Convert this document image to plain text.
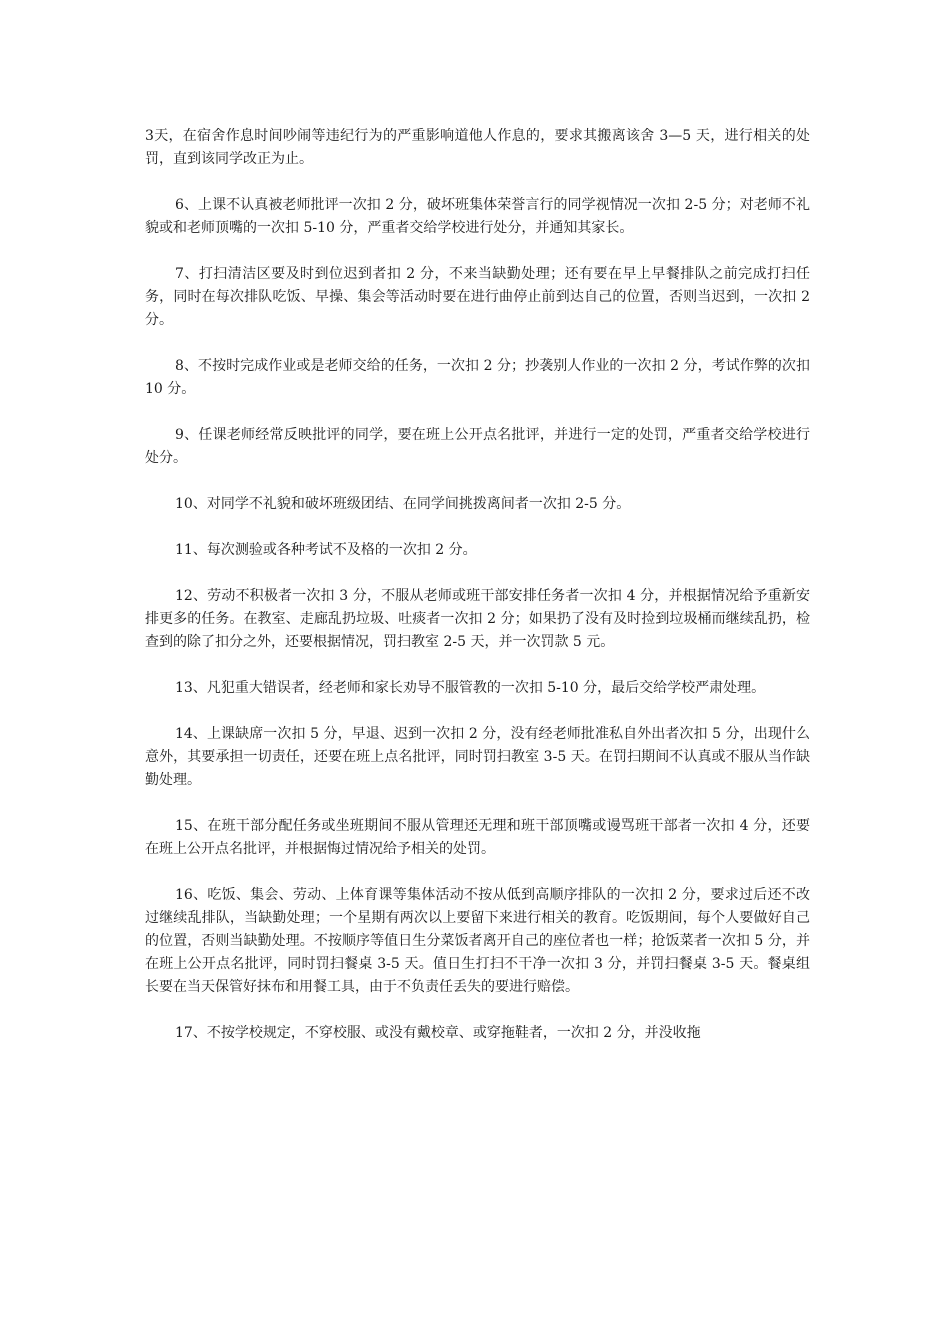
3天，在宿舍作息时间吵闹等违纪行为的严重影响道他人作息的，要求其搬离该舍 3—5 天，进行相关的处罚，直到该同学改正为止。

6、上课不认真被老师批评一次扣 2 分，破坏班集体荣誉言行的同学视情况一次扣 2-5 分；对老师不礼貌或和老师顶嘴的一次扣 5-10 分，严重者交给学校进行处分，并通知其家长。

7、打扫清洁区要及时到位迟到者扣 2 分，不来当缺勤处理；还有要在早上早餐排队之前完成打扫任务，同时在每次排队吃饭、早操、集会等活动时要在进行曲停止前到达自己的位置，否则当迟到，一次扣 2 分。

8、不按时完成作业或是老师交给的任务，一次扣 2 分；抄袭别人作业的一次扣 2 分，考试作弊的次扣 10 分。

9、任课老师经常反映批评的同学，要在班上公开点名批评，并进行一定的处罚，严重者交给学校进行处分。

10、对同学不礼貌和破坏班级团结、在同学间挑拨离间者一次扣 2-5 分。

11、每次测验或各种考试不及格的一次扣 2 分。

12、劳动不积极者一次扣 3 分，不服从老师或班干部安排任务者一次扣 4 分，并根据情况给予重新安排更多的任务。在教室、走廊乱扔垃圾、吐痰者一次扣 2 分；如果扔了没有及时捡到垃圾桶而继续乱扔，检查到的除了扣分之外，还要根据情况，罚扫教室 2-5 天，并一次罚款 5 元。

13、凡犯重大错误者，经老师和家长劝导不服管教的一次扣 5-10 分，最后交给学校严肃处理。

14、上课缺席一次扣 5 分，早退、迟到一次扣 2 分，没有经老师批准私自外出者次扣 5 分，出现什么意外，其要承担一切责任，还要在班上点名批评，同时罚扫教室 3-5 天。在罚扫期间不认真或不服从当作缺勤处理。

15、在班干部分配任务或坐班期间不服从管理还无理和班干部顶嘴或谩骂班干部者一次扣 4 分，还要在班上公开点名批评，并根据悔过情况给予相关的处罚。

16、吃饭、集会、劳动、上体育课等集体活动不按从低到高顺序排队的一次扣 2 分，要求过后还不改过继续乱排队，当缺勤处理；一个星期有两次以上要留下来进行相关的教育。吃饭期间，每个人要做好自己的位置，否则当缺勤处理。不按顺序等值日生分菜饭者离开自己的座位者也一样；抢饭菜者一次扣 5 分，并在班上公开点名批评，同时罚扫餐桌 3-5 天。值日生打扫不干净一次扣 3 分，并罚扫餐桌 3-5 天。餐桌组长要在当天保管好抹布和用餐工具，由于不负责任丢失的要进行赔偿。

17、不按学校规定，不穿校服、或没有戴校章、或穿拖鞋者，一次扣 2 分，并没收拖
